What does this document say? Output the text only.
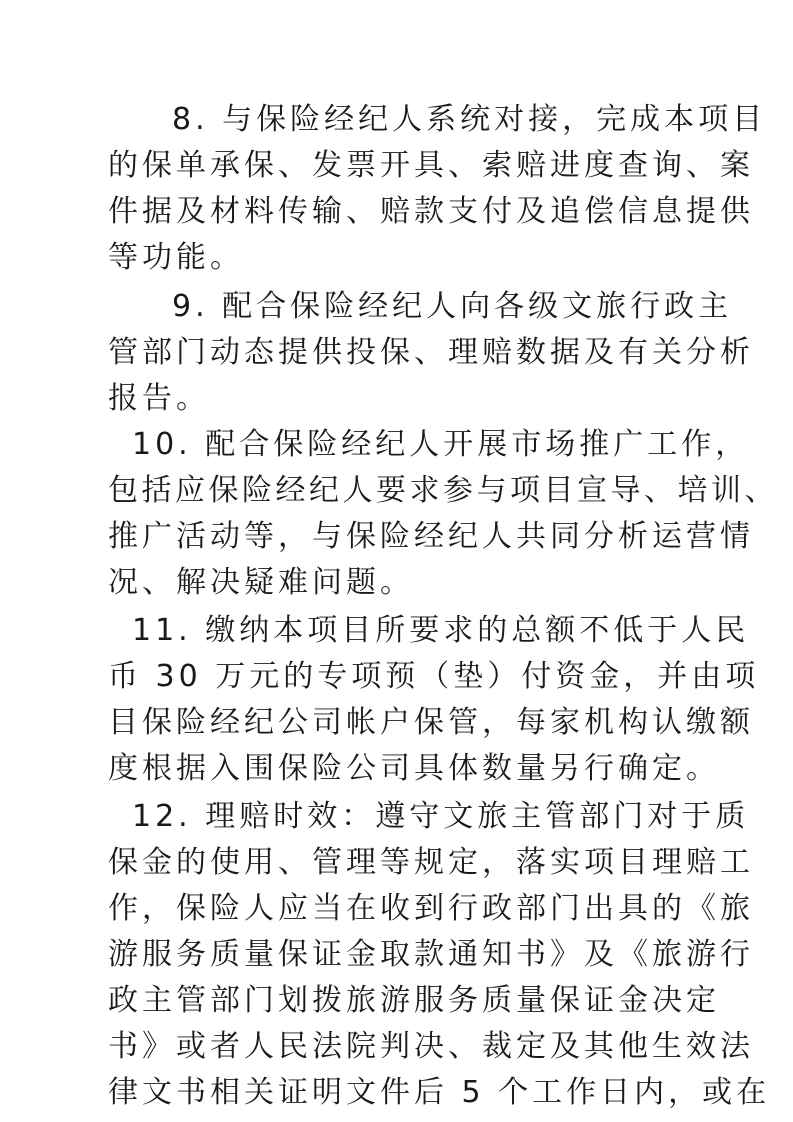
8. 与保险经纪人系统对接，完成本项目

的保单承保、发票开具、索赔进度查询、案

件据及材料传输、赔款支付及追偿信息提供

等功能。

9. 配合保险经纪人向各级文旅行政主

管部门动态提供投保、理赔数据及有关分析

报告。

10. 配合保险经纪人开展市场推广工作，

包括应保险经纪人要求参与项目宣导、培训、

推广活动等，与保险经纪人共同分析运营情

况、解决疑难问题。

11. 缴纳本项目所要求的总额不低于人民

币 30 万元的专项预（垫）付资金，并由项

目保险经纪公司帐户保管，每家机构认缴额

度根据入围保险公司具体数量另行确定。

12. 理赔时效：遵守文旅主管部门对于质

保金的使用、管理等规定，落实项目理赔工

作，保险人应当在收到行政部门出具的《旅

游服务质量保证金取款通知书》及《旅游行

政主管部门划拨旅游服务质量保证金决定

书》或者人民法院判决、裁定及其他生效法

律文书相关证明文件后 5 个工作日内，或在
